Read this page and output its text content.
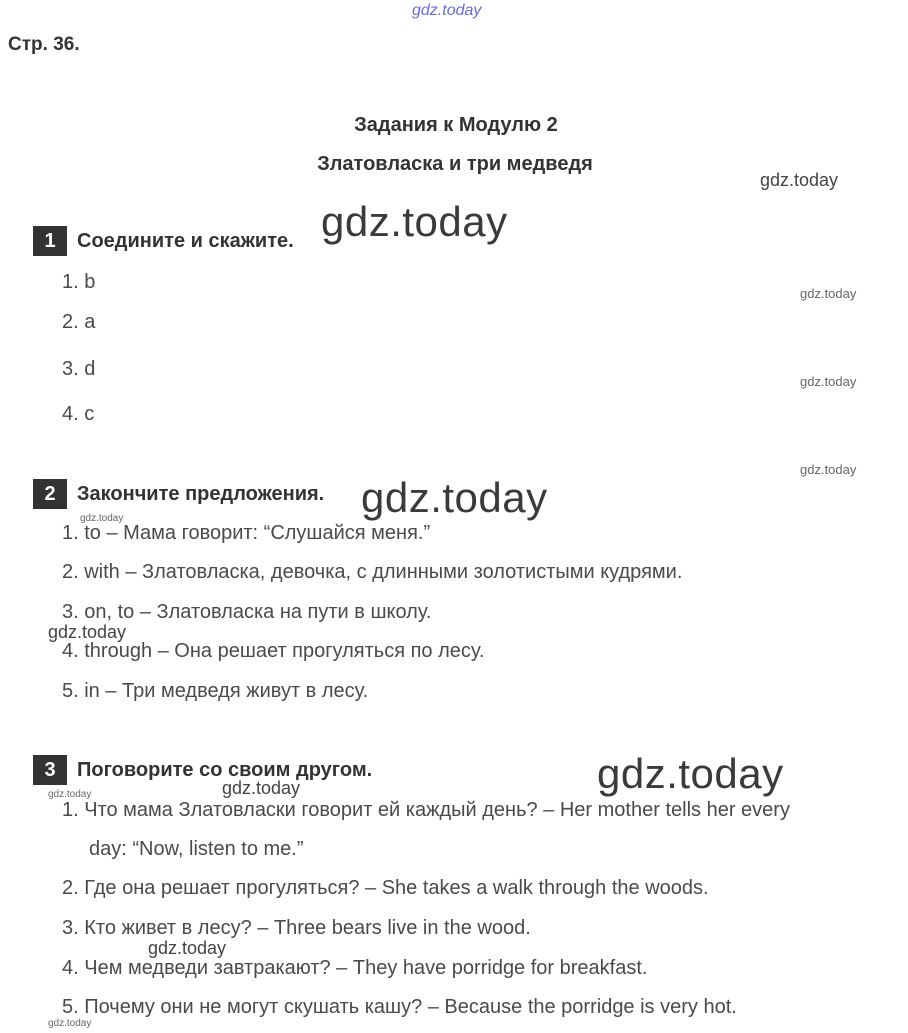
gdz.today
gdz.today
gdz.today
gdz.today
gdz.today
gdz.today
gdz.today
gdz.today
gdz.today
gdz.today
gdz.today	gdz.today
gdz.today
gdz.today
Стр. 36.
Задания к Модулю 2
Златовласка и три медведя
1	Соедините и скажите.
1. b
2. a
3. d
4. c
2	Закончите предложения.
1. to – Мама говорит: “Слушайся меня.”
2. with – Златовласка, девочка, с длинными золотистыми кудрями.
3. on, to – Златовласка на пути в школу.
4. through – Она решает прогуляться по лесу.
5. in – Три медведя живут в лесу.
3	Поговорите со своим другом.
1. Что мама Златовласки говорит ей каждый день? – Her mother tells her every
day: “Now, listen to me.”
2. Где она решает прогуляться? – She takes a walk through the woods.
3. Кто живет в лесу? – Three bears live in the wood.
4. Чем медведи завтракают? – They have porridge for breakfast.
5. Почему они не могут скушать кашу? – Because the porridge is very hot.
